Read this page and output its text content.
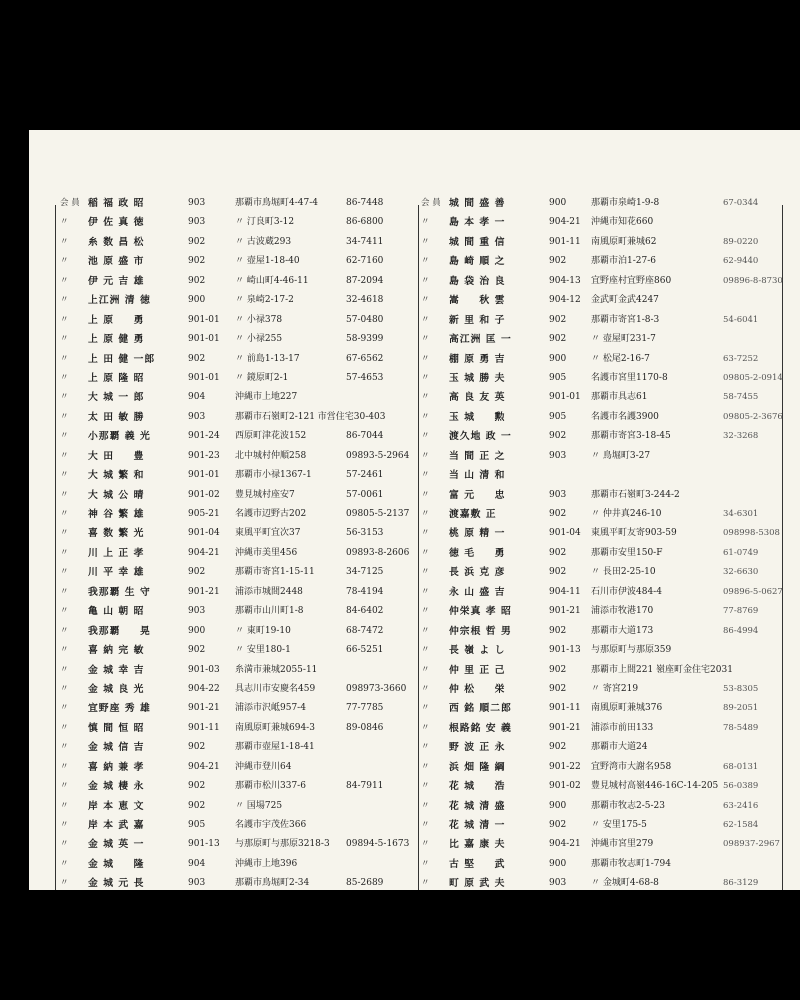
会 員 稲 福 政 昭	903	那覇市鳥堀町4-47-4	86-7448
〃	伊 佐 真 徳	903	〃 汀良町3-12	86-6800
〃	糸 数 昌 松	902	〃 古波蔵293	34-7411
〃	池 原 盛 市	902	〃 壺屋1-18-40	62-7160
〃	伊 元 吉 雄	902	〃 崎山町4-46-11	87-2094
〃	上江洲 清 徳	900	〃 泉崎2-17-2	32-4618
〃	上 原 　 勇	901-01 〃 小禄378	57-0480
〃	上 原 健 勇	901-01 〃 小禄255	58-9399
〃	上 田 健 一郎	902	〃 前島1-13-17	67-6562
〃	上 原 隆 昭	901-01 〃 鏡原町2-1	57-4653
〃	大 城 一 郎	904	沖縄市上地227
〃	太 田 敏 勝	903	那覇市石嶺町2-121 市営住宅30-403
〃	小那覇 義 光	901-24 西原町津花波152	86-7044
〃	大 田 　 豊	901-23 北中城村仲順258	09893-5-2964
〃	大 城 繁 和	901-01 那覇市小禄1367-1	57-2461
〃	大 城 公 晴	901-02 豊見城村座安7	57-0061
〃	神 谷 繁 雄	905-21 名護市辺野古202	09805-5-2137
〃	喜 数 繁 光	901-04 東風平町宜次37	56-3153
〃	川 上 正 孝	904-21 沖縄市美里456	09893-8-2606
〃	川 平 幸 雄	902	那覇市寄宮1-15-11	34-7125
〃	我那覇 生 守	901-21 浦添市城間2448	78-4194
〃	亀 山 朝 昭	903	那覇市山川町1-8	84-6402
〃	我那覇 　 晃	900	〃 東町19-10	68-7472
〃	喜 納 完 敏	902	〃 安里180-1	66-5251
〃	金 城 幸 吉	901-03 糸満市兼城2055-11
〃	金 城 良 光	904-22 具志川市安慶名459	098973-3660
〃	宜野座 秀 雄	901-21 浦添市沢岻957-4	77-7785
〃	慎 間 恒 昭	901-11 南風原町兼城694-3	89-0846
〃	金 城 信 吉	902	那覇市壺屋1-18-41
〃	喜 納 兼 孝	904-21 沖縄市登川64
〃	金 城 棲 永	902	那覇市松川337-6	84-7911
〃	岸 本 恵 文	902	〃 国場725
〃	岸 本 武 嘉	905	名護市宇茂佐366
〃	金 城 英 一	901-13 与那原町与那原3218-3 09894-5-1673
〃	金 城 　 隆	904	沖縄市上地396
〃	金 城 元 長	903	那覇市鳥堀町2-34	85-2689
会 員 城 間 盛 善	900	那覇市泉崎1-9-8	67-0344
〃	島 本 孝 一	904-21 沖縄市知花660
〃	城 間 重 信	901-11 南風原町兼城62	89-0220
〃	島 崎 順 之	902	那覇市泊1-27-6	62-9440
〃	島 袋 治 良	904-13 宜野座村宜野座860	09896-8-8730
〃	嵩 　 秋 雲	904-12 金武町金武4247
〃	新 里 和 子	902	那覇市寄宮1-8-3	54-6041
〃	高江洲 匡 一	902	〃 壺屋町231-7
〃	棚 原 勇 吉	900	〃 松尾2-16-7	63-7252
〃	玉 城 勝 夫	905	名護市宮里1170-8	09805-2-0914
〃	高 良 友 英	901-01 那覇市具志61	58-7455
〃	玉 城 　 勲	905	名護市名護3900	09805-2-3676
〃	渡久地 政 一	902	那覇市寄宮3-18-45	32-3268
〃	当 間 正 之	903	〃 鳥堀町3-27
〃	当 山 清 和
〃	富 元 　 忠	903	那覇市石嶺町3-244-2
〃	渡嘉敷 正 　	902	〃 仲井真246-10	34-6301
〃	桃 原 精 一	901-04 東風平町友寄903-59	098998-5308
〃	徳 毛 　 勇	902	那覇市安里150-F	61-0749
〃	長 浜 克 彦	902	〃 長田2-25-10	32-6630
〃	永 山 盛 吉	904-11 石川市伊波484-4	09896-5-0627
〃	仲栄真 孝 昭	901-21 浦添市牧港170	77-8769
〃	仲宗根 哲 男	902	那覇市大道173	86-4994
〃	長 嶺 よ し	901-13 与那原町与那原359
〃	仲 里 正 己	902	那覇市上間221 嶺座町金住宅2031
〃	仲 松 　 栄	902	〃 寄宮219	53-8305
〃	西 銘 順二郎	901-11 南風原町兼城376	89-2051
〃	根路銘 安 義	901-21 浦添市前田133	78-5489
〃	野 波 正 永	902	那覇市大道24
〃	浜 畑 隆 綱	901-22 宜野湾市大謝名958	68-0131
〃	花 城 　 浩	901-02 豊見城村高嶺446-16C-14-205 56-0389
〃	花 城 清 盛	900	那覇市牧志2-5-23	63-2416
〃	花 城 清 一	902	〃 安里175-5	62-1584
〃	比 嘉 康 夫	904-21 沖縄市宮里279	098937-2967
〃	古 堅 　 武	900	那覇市牧志町1-794
〃	町 原 武 夫	903	〃 金城町4-68-8	86-3129
